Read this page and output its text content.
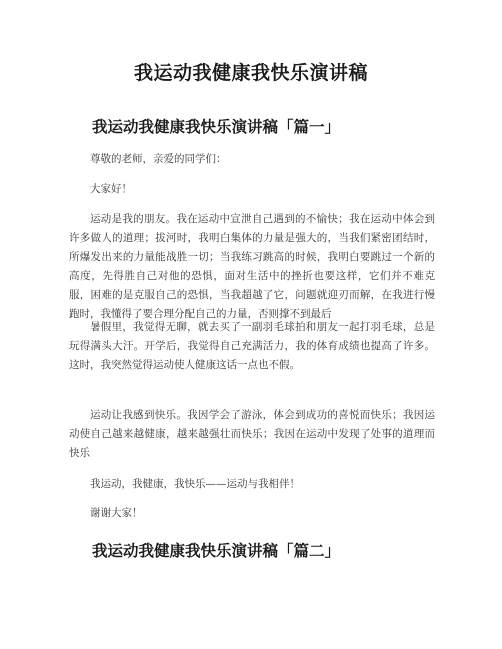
我运动我健康我快乐演讲稿
我运动我健康我快乐演讲稿「篇一」
尊敬的老师，亲爱的同学们：
大家好！
运动是我的朋友。我在运动中宣泄自己遇到的不愉快；我在运动中体会到许多做人的道理；拔河时，我明白集体的力量是强大的，当我们紧密团结时，所爆发出来的力量能战胜一切；当我练习跳高的时候，我明白要跳过一个新的高度，先得胜自己对他的恐惧，面对生活中的挫折也要这样，它们并不难克服，困难的是克服自己的恐惧，当我超越了它，问题就迎刃而解，在我进行慢跑时，我懂得了要合理分配自己的力量，否则撑不到最后
暑假里，我觉得无聊，就去买了一副羽毛球拍和朋友一起打羽毛球，总是玩得满头大汗。开学后，我觉得自己充满活力，我的体育成绩也提高了许多。这时，我突然觉得运动使人健康这话一点也不假。
运动让我感到快乐。我因学会了游泳，体会到成功的喜悦而快乐；我因运动使自己越来越健康，越来越强壮而快乐；我因在运动中发现了处事的道理而快乐
我运动，我健康，我快乐——运动与我相伴！
谢谢大家！
我运动我健康我快乐演讲稿「篇二」
